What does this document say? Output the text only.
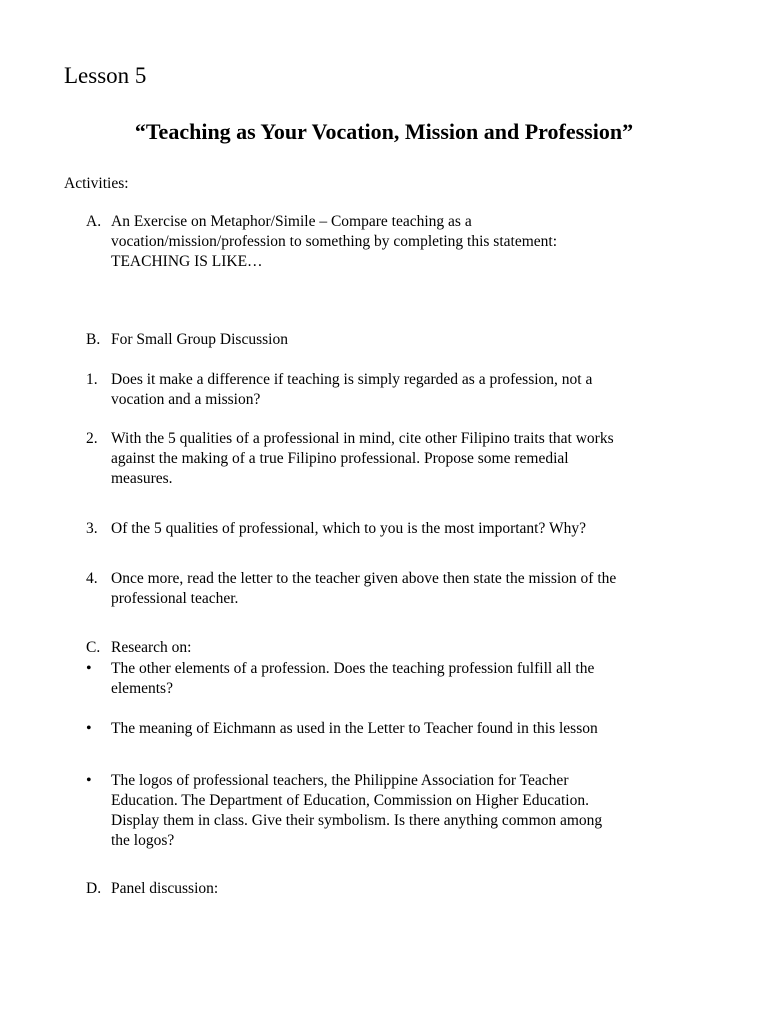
Lesson 5
“Teaching as Your Vocation, Mission and Profession”
Activities:
A. An Exercise on Metaphor/Simile – Compare teaching as a
vocation/mission/profession to something by completing this statement:
TEACHING IS LIKE…
B. For Small Group Discussion
1. Does it make a difference if teaching is simply regarded as a profession, not a
vocation and a mission?
2. With the 5 qualities of a professional in mind, cite other Filipino traits that works
against the making of a true Filipino professional. Propose some remedial
measures.
3. Of the 5 qualities of professional, which to you is the most important? Why?
4. Once more, read the letter to the teacher given above then state the mission of the
professional teacher.
C. Research on:
• The other elements of a profession. Does the teaching profession fulfill all the
elements?
• The meaning of Eichmann as used in the Letter to Teacher found in this lesson
• The logos of professional teachers, the Philippine Association for Teacher
Education. The Department of Education, Commission on Higher Education.
Display them in class. Give their symbolism. Is there anything common among
the logos?
D. Panel discussion:
